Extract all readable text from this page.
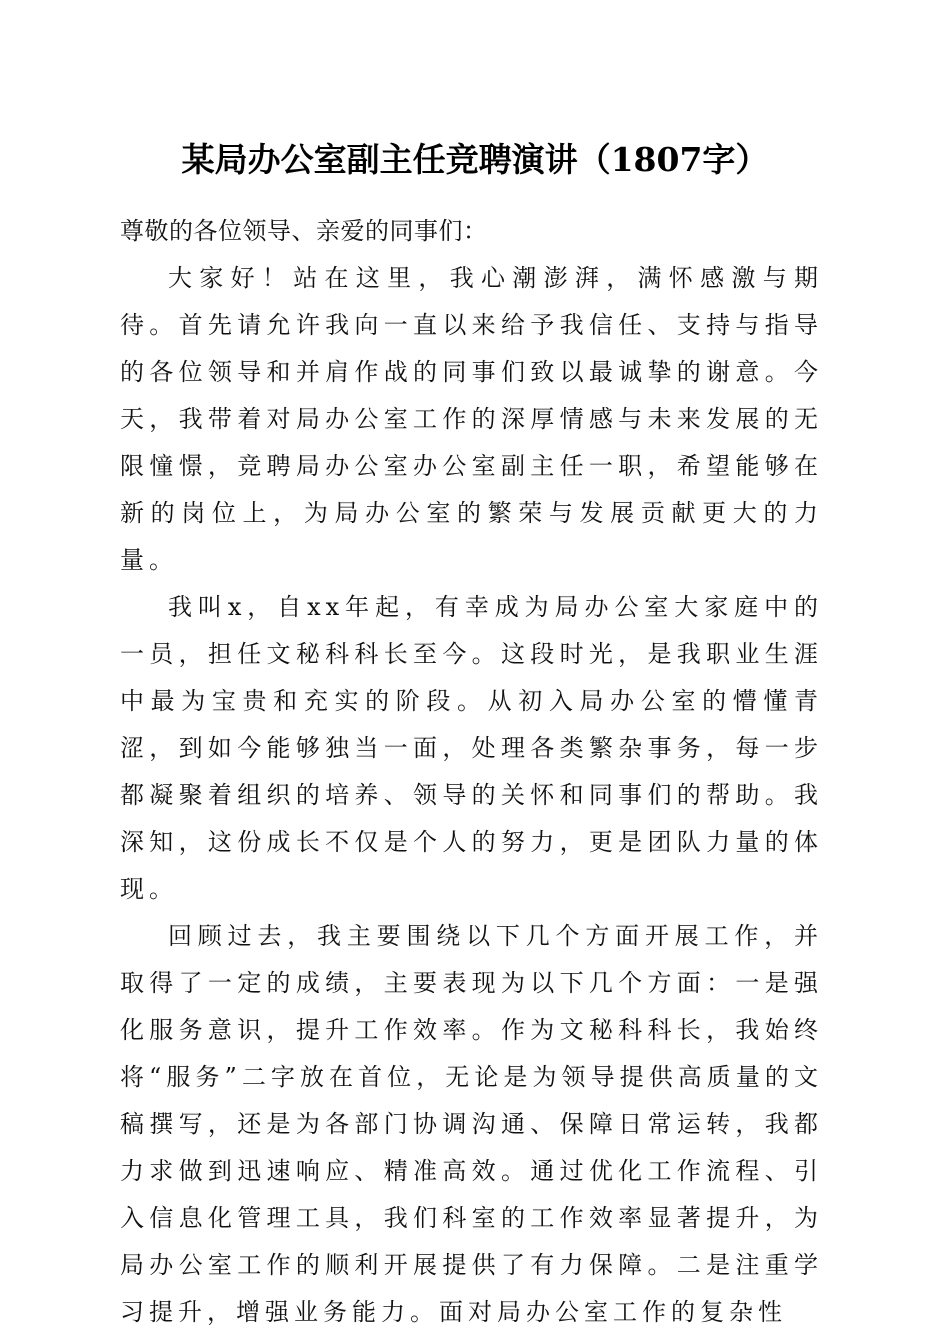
某局办公室副主任竞聘演讲（1807字）

尊敬的各位领导、亲爱的同事们：

大家好！站在这里，我心潮澎湃，满怀感激与期待。首先请允许我向一直以来给予我信任、支持与指导的各位领导和并肩作战的同事们致以最诚挚的谢意。今天，我带着对局办公室工作的深厚情感与未来发展的无限憧憬，竞聘局办公室办公室副主任一职，希望能够在新的岗位上，为局办公室的繁荣与发展贡献更大的力量。

我叫x，自xx年起，有幸成为局办公室大家庭中的一员，担任文秘科科长至今。这段时光，是我职业生涯中最为宝贵和充实的阶段。从初入局办公室的懵懂青涩，到如今能够独当一面，处理各类繁杂事务，每一步都凝聚着组织的培养、领导的关怀和同事们的帮助。我深知，这份成长不仅是个人的努力，更是团队力量的体现。

回顾过去，我主要围绕以下几个方面开展工作，并取得了一定的成绩，主要表现为以下几个方面：一是强化服务意识，提升工作效率。作为文秘科科长，我始终将“服务”二字放在首位，无论是为领导提供高质量的文稿撰写，还是为各部门协调沟通、保障日常运转，我都力求做到迅速响应、精准高效。通过优化工作流程、引入信息化管理工具，我们科室的工作效率显著提升，为局办公室工作的顺利开展提供了有力保障。二是注重学习提升，增强业务能力。面对局办公室工作的复杂性
